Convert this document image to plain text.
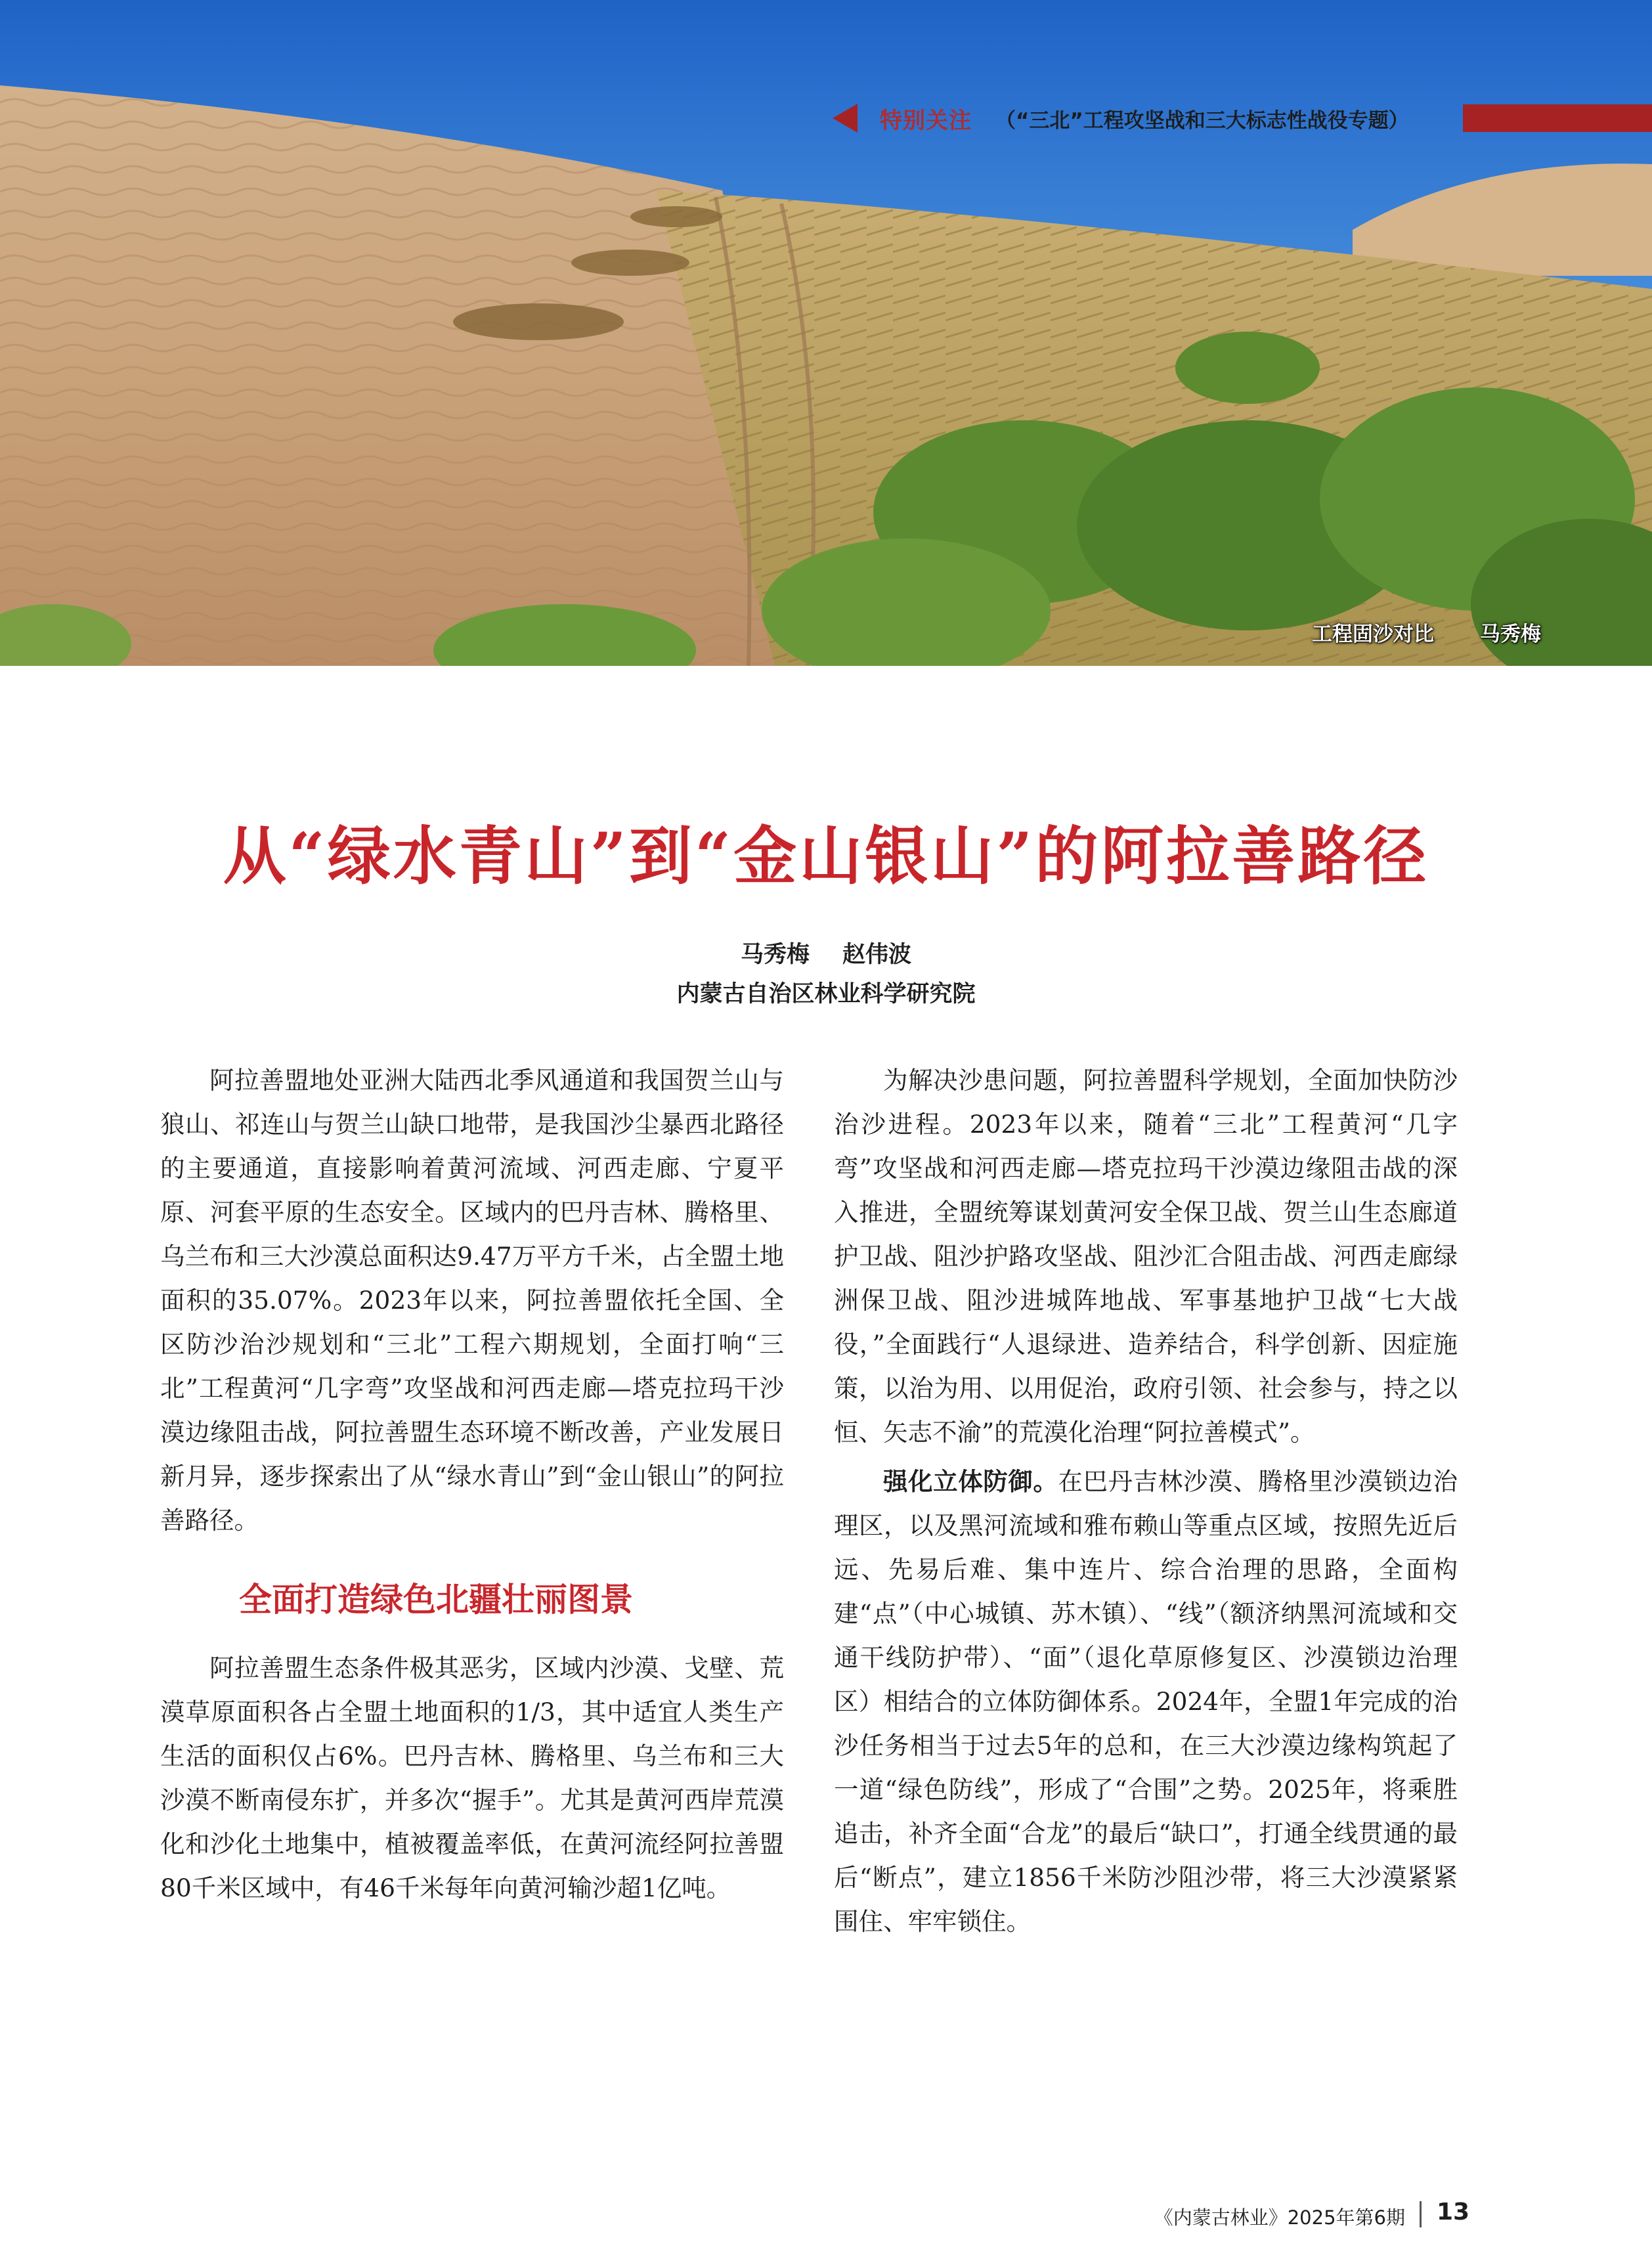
特别关注 （“三北”工程攻坚战和三大标志性战役专题）
工程固沙对比 马秀梅
从“绿水青山”到“金山银山”的阿拉善路径
马秀梅 赵伟波
内蒙古自治区林业科学研究院

阿拉善盟地处亚洲大陆西北季风通道和我国贺兰山与狼山、祁连山与贺兰山缺口地带，是我国沙尘暴西北路径的主要通道，直接影响着黄河流域、河西走廊、宁夏平原、河套平原的生态安全。区域内的巴丹吉林、腾格里、乌兰布和三大沙漠总面积达9.47万平方千米，占全盟土地面积的35.07%。2023年以来，阿拉善盟依托全国、全区防沙治沙规划和“三北”工程六期规划，全面打响“三北”工程黄河“几字弯”攻坚战和河西走廊—塔克拉玛干沙漠边缘阻击战，阿拉善盟生态环境不断改善，产业发展日新月异，逐步探索出了从“绿水青山”到“金山银山”的阿拉善路径。

全面打造绿色北疆壮丽图景

阿拉善盟生态条件极其恶劣，区域内沙漠、戈壁、荒漠草原面积各占全盟土地面积的1/3，其中适宜人类生产生活的面积仅占6%。巴丹吉林、腾格里、乌兰布和三大沙漠不断南侵东扩，并多次“握手”。尤其是黄河西岸荒漠化和沙化土地集中，植被覆盖率低，在黄河流经阿拉善盟80千米区域中，有46千米每年向黄河输沙超1亿吨。

为解决沙患问题，阿拉善盟科学规划，全面加快防沙治沙进程。2023年以来，随着“三北”工程黄河“几字弯”攻坚战和河西走廊—塔克拉玛干沙漠边缘阻击战的深入推进，全盟统筹谋划黄河安全保卫战、贺兰山生态廊道护卫战、阻沙护路攻坚战、阻沙汇合阻击战、河西走廊绿洲保卫战、阻沙进城阵地战、军事基地护卫战“七大战役，”全面践行“人退绿进、造养结合，科学创新、因症施策，以治为用、以用促治，政府引领、社会参与，持之以恒、矢志不渝”的荒漠化治理“阿拉善模式”。

强化立体防御。在巴丹吉林沙漠、腾格里沙漠锁边治理区，以及黑河流域和雅布赖山等重点区域，按照先近后远、先易后难、集中连片、综合治理的思路，全面构建“点”（中心城镇、苏木镇）、“线”（额济纳黑河流域和交通干线防护带）、“面”（退化草原修复区、沙漠锁边治理区）相结合的立体防御体系。2024年，全盟1年完成的治沙任务相当于过去5年的总和，在三大沙漠边缘构筑起了一道“绿色防线”，形成了“合围”之势。2025年，将乘胜追击，补齐全面“合龙”的最后“缺口”，打通全线贯通的最后“断点”，建立1856千米防沙阻沙带，将三大沙漠紧紧围住、牢牢锁住。

《内蒙古林业》2025年第6期 13
